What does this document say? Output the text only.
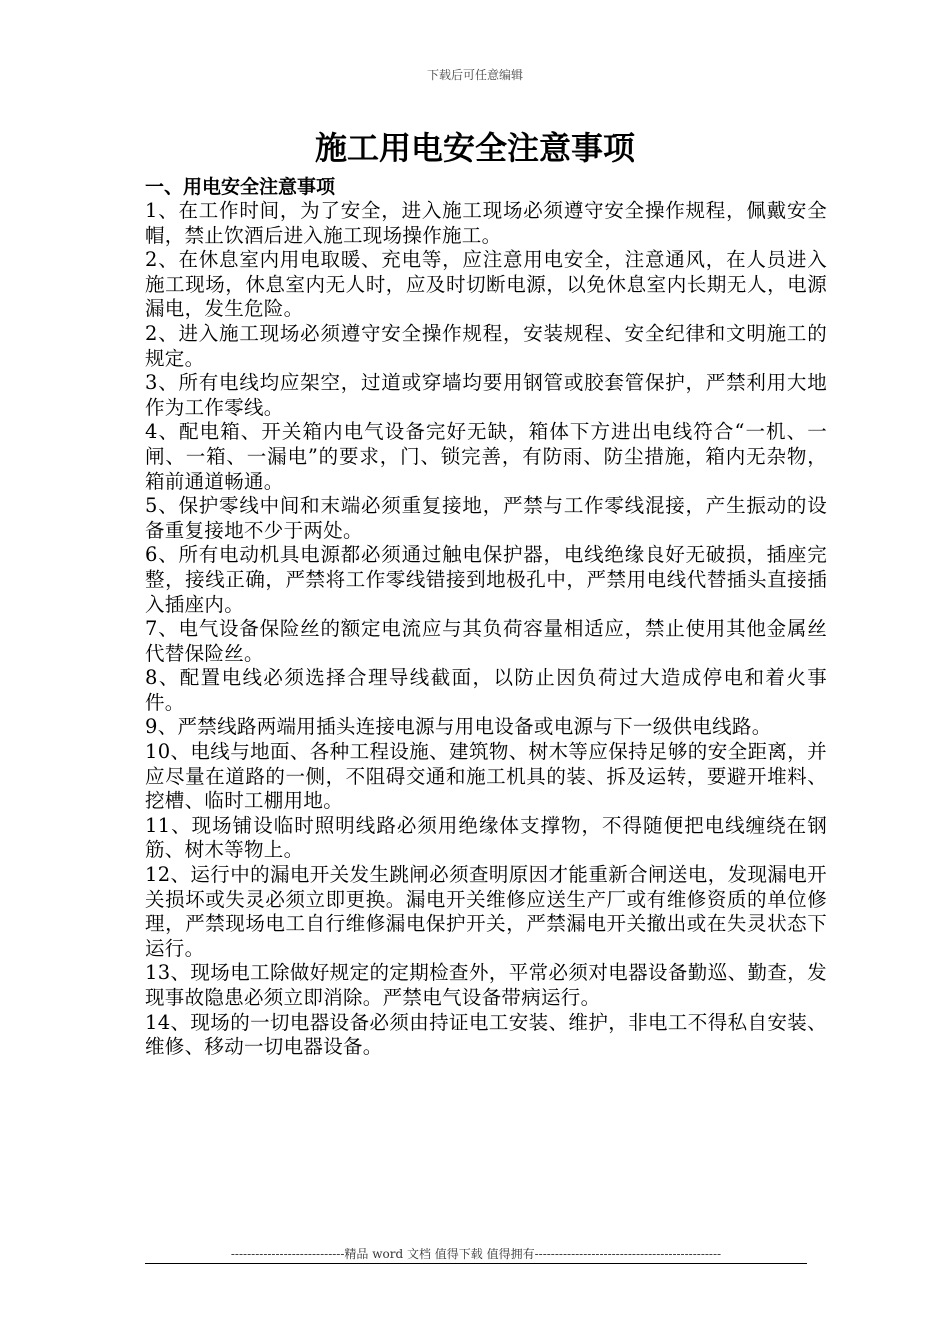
下载后可任意编辑
施工用电安全注意事项

一、用电安全注意事项

1、在工作时间，为了安全，进入施工现场必须遵守安全操作规程，佩戴安全帽，禁止饮酒后进入施工现场操作施工。

2、在休息室内用电取暖、充电等，应注意用电安全，注意通风，在人员进入施工现场，休息室内无人时，应及时切断电源，以免休息室内长期无人，电源漏电，发生危险。

2、进入施工现场必须遵守安全操作规程，安装规程、安全纪律和文明施工的规定。

3、所有电线均应架空，过道或穿墙均要用钢管或胶套管保护，严禁利用大地作为工作零线。

4、配电箱、开关箱内电气设备完好无缺，箱体下方进出电线符合“一机、一闸、一箱、一漏电”的要求，门、锁完善，有防雨、防尘措施，箱内无杂物，箱前通道畅通。

5、保护零线中间和末端必须重复接地，严禁与工作零线混接，产生振动的设备重复接地不少于两处。

6、所有电动机具电源都必须通过触电保护器，电线绝缘良好无破损，插座完整，接线正确，严禁将工作零线错接到地极孔中，严禁用电线代替插头直接插入插座内。

7、电气设备保险丝的额定电流应与其负荷容量相适应，禁止使用其他金属丝代替保险丝。

8、配置电线必须选择合理导线截面，以防止因负荷过大造成停电和着火事件。

9、严禁线路两端用插头连接电源与用电设备或电源与下一级供电线路。

10、电线与地面、各种工程设施、建筑物、树木等应保持足够的安全距离，并应尽量在道路的一侧，不阻碍交通和施工机具的装、拆及运转，要避开堆料、挖槽、临时工棚用地。

11、现场铺设临时照明线路必须用绝缘体支撑物，不得随便把电线缠绕在钢筋、树木等物上。

12、运行中的漏电开关发生跳闸必须查明原因才能重新合闸送电，发现漏电开关损坏或失灵必须立即更换。漏电开关维修应送生产厂或有维修资质的单位修理，严禁现场电工自行维修漏电保护开关，严禁漏电开关撤出或在失灵状态下运行。

13、现场电工除做好规定的定期检查外，平常必须对电器设备勤巡、勤查，发现事故隐患必须立即消除。严禁电气设备带病运行。

14、现场的一切电器设备必须由持证电工安装、维护，非电工不得私自安装、维修、移动一切电器设备。

----------------------------精品 word 文档 值得下载 值得拥有----------------------------------------------
